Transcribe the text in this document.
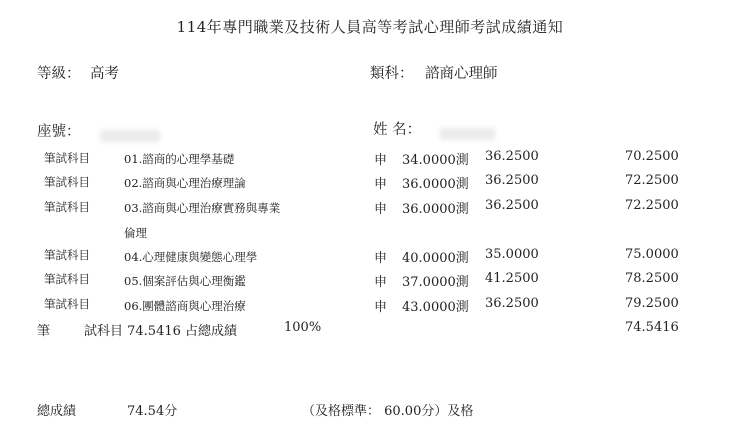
114年專門職業及技術人員高等考試心理師考試成績通知
等級： 高考	類科： 諮商心理師
座號：	姓 名：
筆試科目	01.諮商的心理學基礎	申 34.0000測 36.2500	70.2500
筆試科目	02.諮商與心理治療理論	申 36.0000測 36.2500	72.2500
筆試科目	03.諮商與心理治療實務與專業
倫理
申 36.0000測 36.2500	72.2500
筆試科目	04.心理健康與變態心理學	申 40.0000測 35.0000	75.0000
筆試科目	05.個案評估與心理衡鑑	申 37.0000測 41.2500	78.2500
筆試科目	06.團體諮商與心理治療	申 43.0000測 36.2500	79.2500
筆	試科目 74.5416 占總成績	100%	74.5416
總成績	74.54分	（及格標準： 60.00分）及格
